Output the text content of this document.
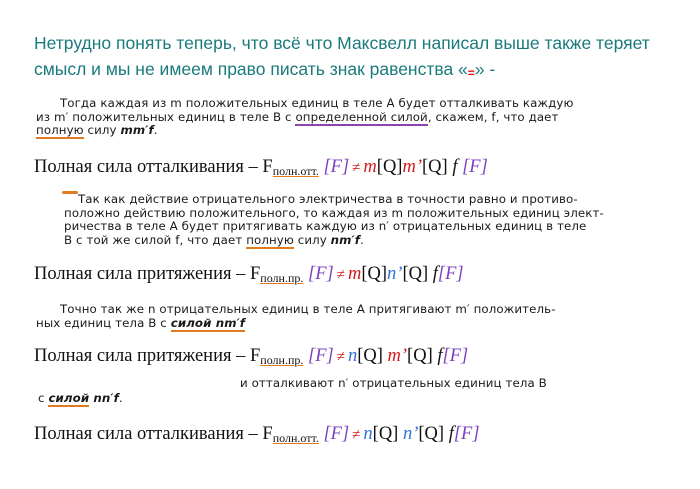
Нетрудно понять теперь, что всё что Максвелл написал выше также теряет смысл и мы не имеем право писать знак равенства «=» -
Тогда каждая из m положительных единиц в теле A будет отталкивать каждую
из m′ положительных единиц в теле B с определенной силой, скажем, f, что дает
полную силу mm′f.
Полная сила отталкивания – $F_{полн.отт.}$ [F] ≠ m[Q]m’[Q] f [F]
Так как действие отрицательного электричества в точности равно и противо-
положно действию положительного, то каждая из m положительных единиц элект-
ричества в теле A будет притягивать каждую из n′ отрицательных единиц в теле
B с той же силой f, что дает полную силу nm′f.
Полная сила притяжения – $F_{полн.пр.}$ [F] ≠ m[Q]n’[Q] f[F]
Точно так же n отрицательных единиц в теле A притягивают m′ положитель-
ных единиц тела B с силой nm′f
Полная сила притяжения – $F_{полн.пр.}$ [F] ≠ n[Q] m’[Q] f[F]
и отталкивают n′ отрицательных единиц тела B
с силой nn′f.
Полная сила отталкивания – $F_{полн.отт.}$ [F] ≠ n[Q] n’[Q] f[F]
